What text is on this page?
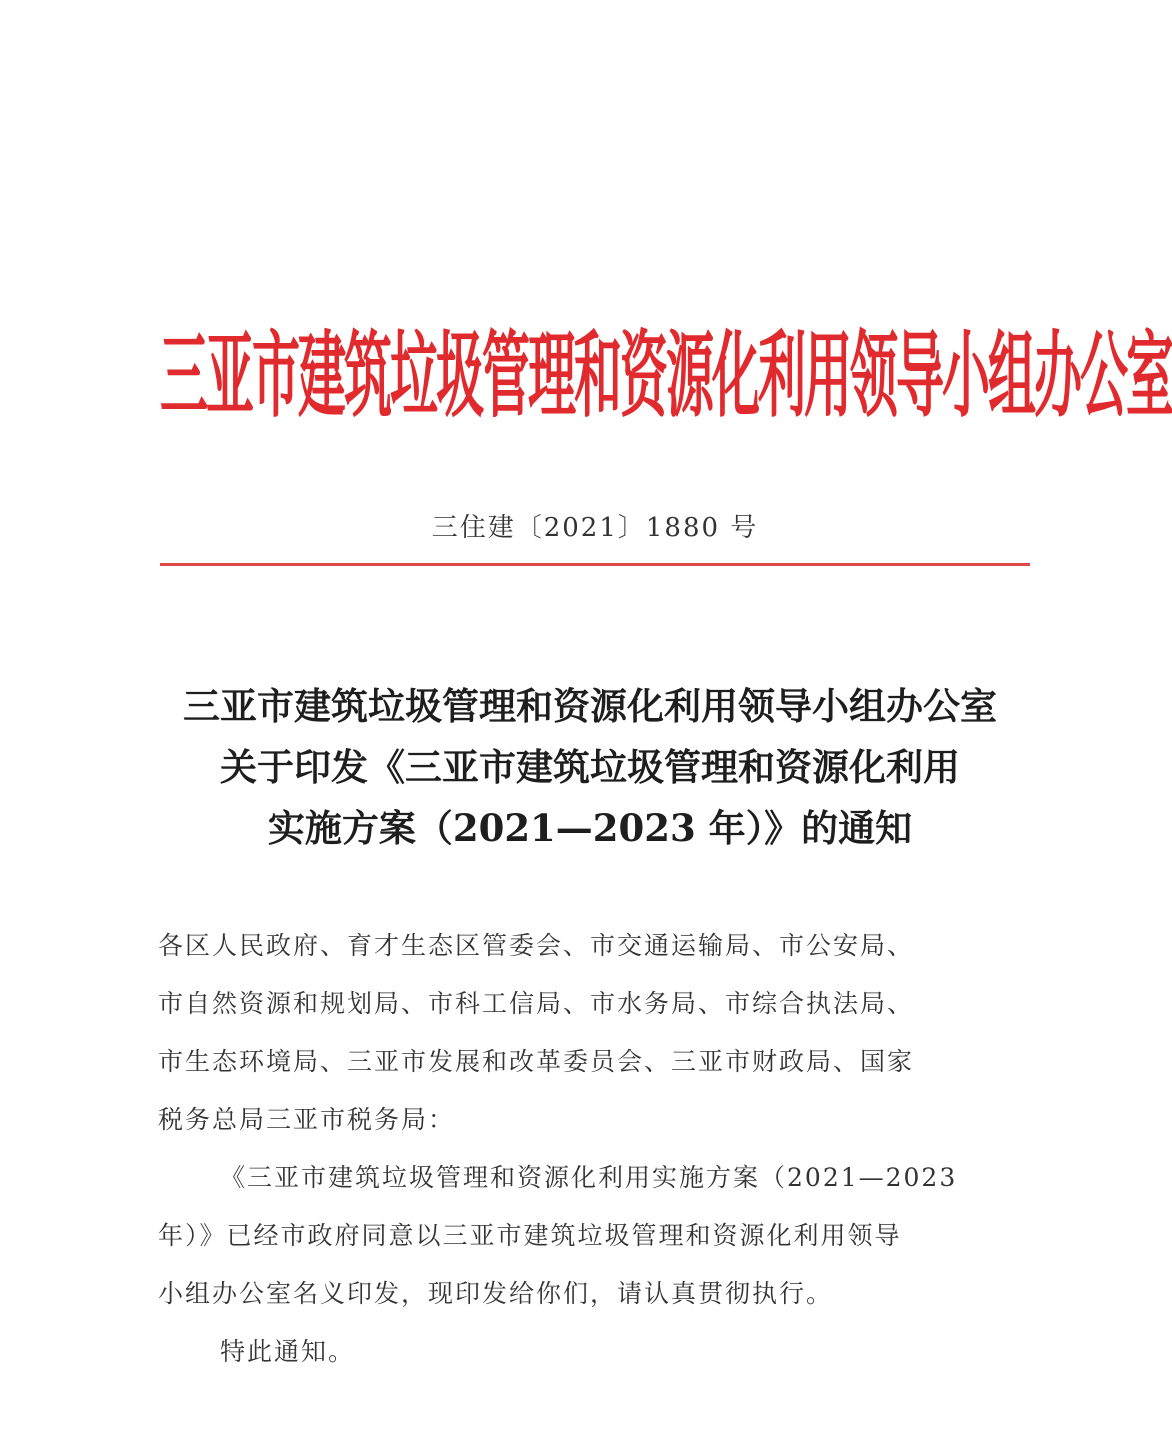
三亚市建筑垃圾管理和资源化利用领导小组办公室
三住建〔2021〕1880 号
三亚市建筑垃圾管理和资源化利用领导小组办公室
关于印发《三亚市建筑垃圾管理和资源化利用
实施方案（2021—2023 年）》的通知
各区人民政府、育才生态区管委会、市交通运输局、市公安局、
市自然资源和规划局、市科工信局、市水务局、市综合执法局、
市生态环境局、三亚市发展和改革委员会、三亚市财政局、国家
税务总局三亚市税务局：
《三亚市建筑垃圾管理和资源化利用实施方案（2021—2023
年）》已经市政府同意以三亚市建筑垃圾管理和资源化利用领导
小组办公室名义印发，现印发给你们，请认真贯彻执行。
特此通知。
